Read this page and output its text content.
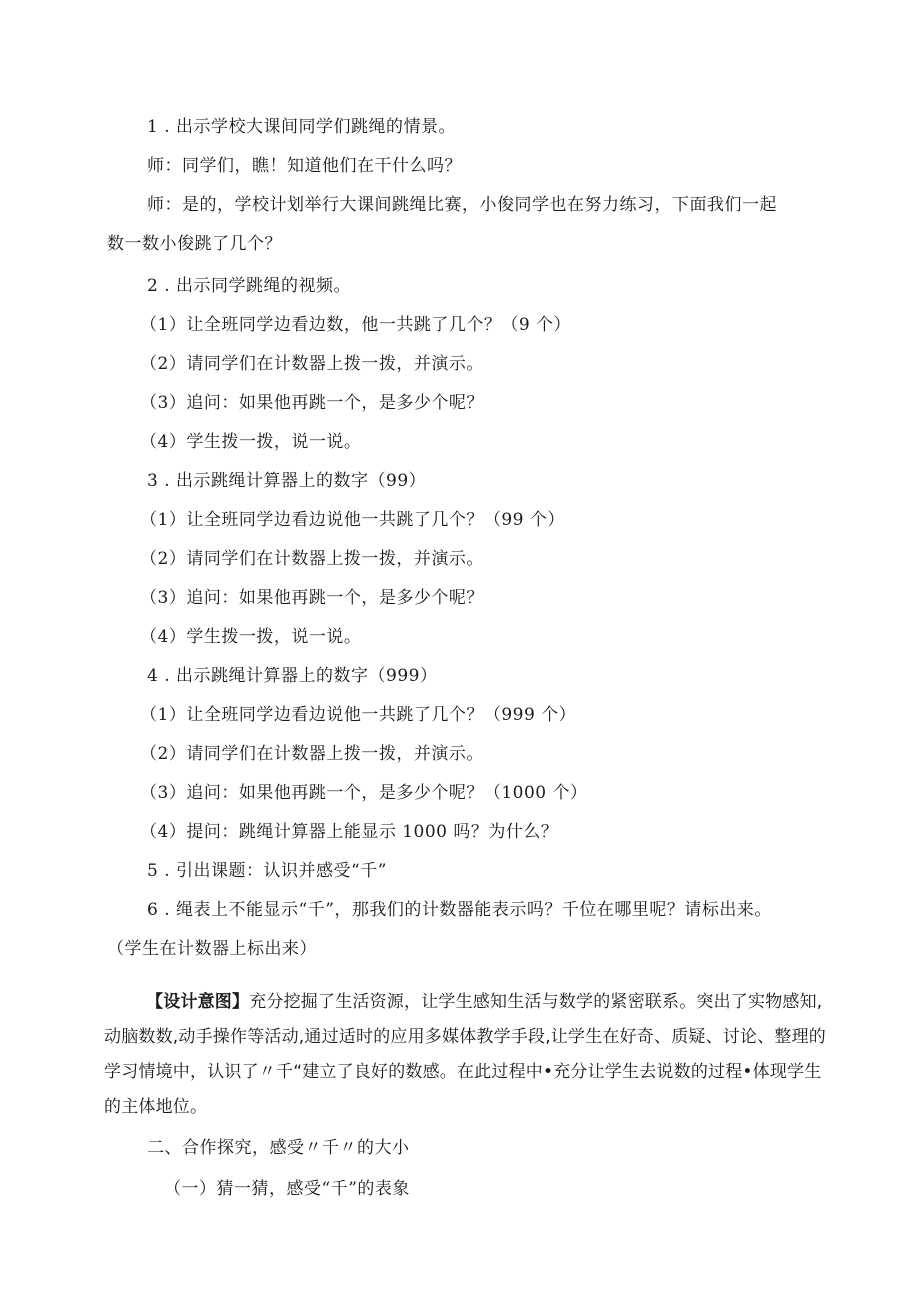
1 . 出示学校大课间同学们跳绳的情景。
师：同学们，瞧！知道他们在干什么吗？
师：是的，学校计划举行大课间跳绳比赛，小俊同学也在努力练习，下面我们一起
数一数小俊跳了几个？
2 . 出示同学跳绳的视频。
（1）让全班同学边看边数，他一共跳了几个？（9 个）
（2）请同学们在计数器上拨一拨，并演示。
（3）追问：如果他再跳一个，是多少个呢？
（4）学生拨一拨，说一说。
3 . 出示跳绳计算器上的数字（99）
（1）让全班同学边看边说他一共跳了几个？（99 个）
（2）请同学们在计数器上拨一拨，并演示。
（3）追问：如果他再跳一个，是多少个呢？
（4）学生拨一拨，说一说。
4 . 出示跳绳计算器上的数字（999）
（1）让全班同学边看边说他一共跳了几个？（999 个）
（2）请同学们在计数器上拨一拨，并演示。
（3）追问：如果他再跳一个，是多少个呢？（1000 个）
（4）提问：跳绳计算器上能显示 1000 吗？为什么？
5 . 引出课题：认识并感受“千”
6 . 绳表上不能显示“千”，那我们的计数器能表示吗？千位在哪里呢？请标出来。
（学生在计数器上标出来）
【设计意图】充分挖掘了生活资源，让学生感知生活与数学的紧密联系。突出了实物感知,
动脑数数,动手操作等活动,通过适时的应用多媒体教学手段,让学生在好奇、质疑、讨论、整理的
学习情境中，认识了〃千“建立了良好的数感。在此过程中•充分让学生去说数的过程•体现学生
的主体地位。
二、合作探究，感受〃千〃的大小
（一）猜一猜，感受“千”的表象
